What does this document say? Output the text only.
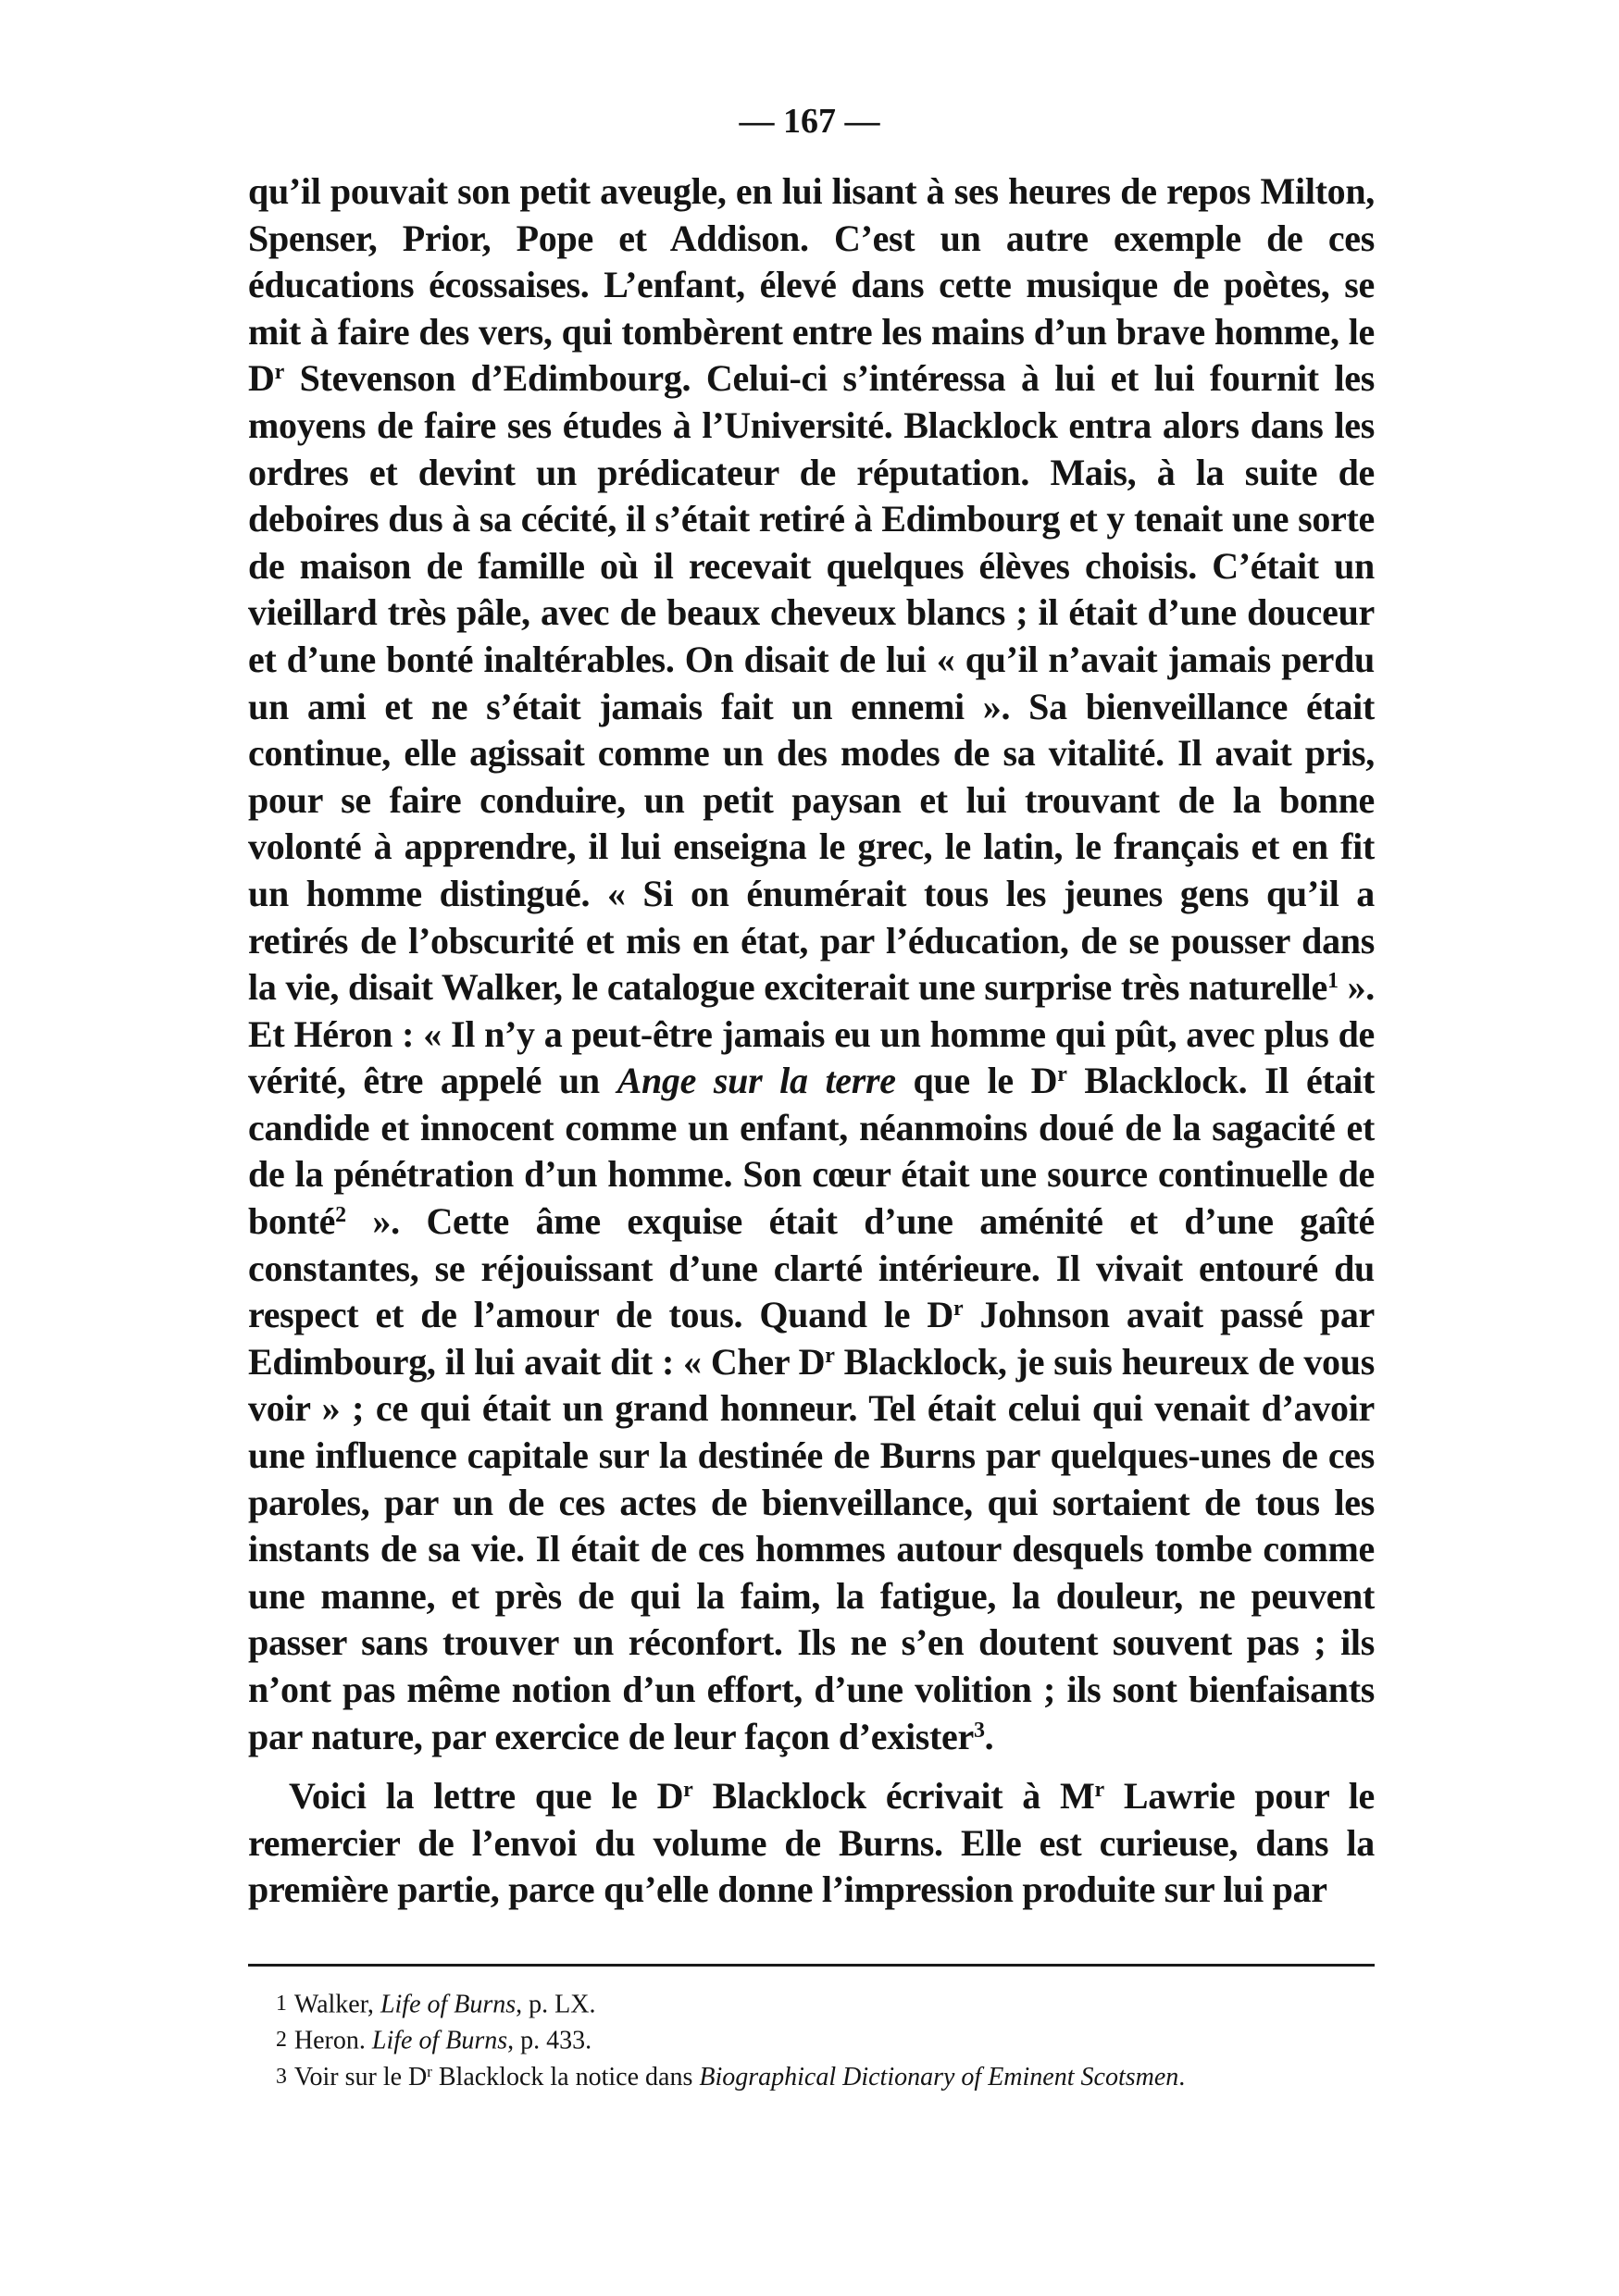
— 167 —

qu’il pouvait son petit aveugle, en lui lisant à ses heures de repos Milton, Spenser, Prior, Pope et Addison. C’est un autre exemple de ces éducations écossaises. L’enfant, élevé dans cette musique de poètes, se mit à faire des vers, qui tombèrent entre les mains d’un brave homme, le $D^r$ Stevenson d’Edimbourg. Celui-ci s’intéressa à lui et lui fournit les moyens de faire ses études à l’Université. Blacklock entra alors dans les ordres et devint un prédicateur de réputation. Mais, à la suite de deboires dus à sa cécité, il s’était retiré à Edimbourg et y tenait une sorte de maison de famille où il recevait quelques élèves choisis. C’était un vieillard très pâle, avec de beaux cheveux blancs ; il était d’une douceur et d’une bonté inaltérables. On disait de lui « qu’il n’avait jamais perdu un ami et ne s’était jamais fait un ennemi ». Sa bienveillance était continue, elle agissait comme un des modes de sa vitalité. Il avait pris, pour se faire conduire, un petit paysan et lui trouvant de la bonne volonté à apprendre, il lui enseigna le grec, le latin, le français et en fit un homme distingué. « Si on énumérait tous les jeunes gens qu’il a retirés de l’obscurité et mis en état, par l’éducation, de se pousser dans la vie, disait Walker, le catalogue exciterait une surprise très naturelle$^1$ ». Et Héron : « Il n’y a peut-être jamais eu un homme qui pût, avec plus de vérité, être appelé un Ange sur la terre que le $D^r$ Blacklock. Il était candide et innocent comme un enfant, néanmoins doué de la sagacité et de la pénétration d’un homme. Son cœur était une source continuelle de bonté$^2$ ». Cette âme exquise était d’une aménité et d’une gaîté constantes, se réjouissant d’une clarté intérieure. Il vivait entouré du respect et de l’amour de tous. Quand le $D^r$ Johnson avait passé par Edimbourg, il lui avait dit : « Cher $D^r$ Blacklock, je suis heureux de vous voir » ; ce qui était un grand honneur. Tel était celui qui venait d’avoir une influence capitale sur la destinée de Burns par quelques-unes de ces paroles, par un de ces actes de bienveillance, qui sortaient de tous les instants de sa vie. Il était de ces hommes autour desquels tombe comme une manne, et près de qui la faim, la fatigue, la douleur, ne peuvent passer sans trouver un réconfort. Ils ne s’en doutent souvent pas ; ils n’ont pas même notion d’un effort, d’une volition ; ils sont bienfaisants par nature, par exercice de leur façon d’exister$^3$.

Voici la lettre que le $D^r$ Blacklock écrivait à $M^r$ Lawrie pour le remercier de l’envoi du volume de Burns. Elle est curieuse, dans la première partie, parce qu’elle donne l’impression produite sur lui par

1 Walker, Life of Burns, p. LX.

2 Heron. Life of Burns, p. 433.

3 Voir sur le $D^r$ Blacklock la notice dans Biographical Dictionary of Eminent Scotsmen.
